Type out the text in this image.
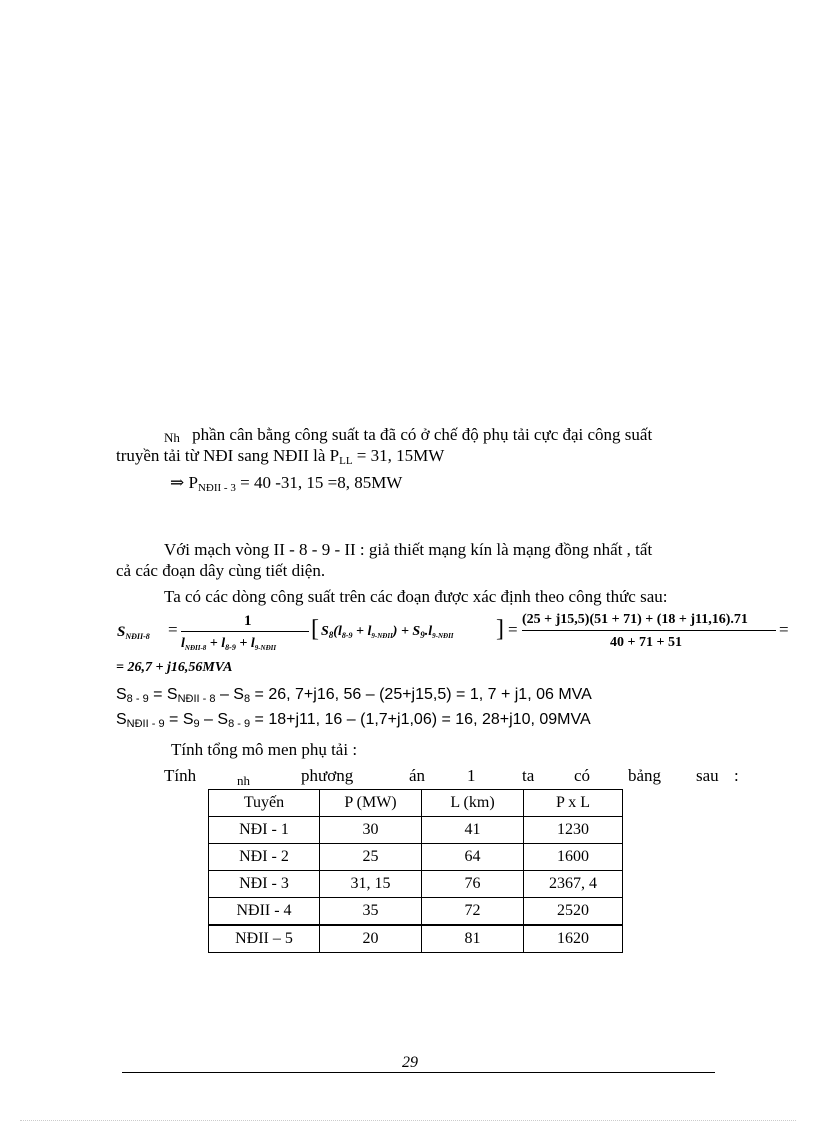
Nh phần cân bằng công suất ta đã có ở chế độ phụ tải cực đại công suất
truyền tải từ NĐI sang NĐII là $P_{LL} = 31$, 15MW
⇒ $P_{NĐII - 3} = 40$ -31, 15 =8, 85MW
Với mạch vòng II - 8 - 9 - II : giả thiết mạng kín là mạng đồng nhất , tất
cả các đoạn dây cùng tiết diện.
Ta có các dòng công suất trên các đoạn được xác định theo công thức sau:
$S_{NĐII-8}$ =	1
$l_{NĐII-8} + l_{8-9} + l_{9-NĐII}$
[ $S_8(l_{8-9} + l_{9-NĐII}) + S_9.l_{9-NĐII}$ ] =
(25 + j15,5)(51 + 71) + (18 + j11,16).71
40 + 71 + 51
=
= 26,7 + j16,56MVA
$S_{8 - 9} = S_{NĐII - 8} - S_8 = 26$, 7+j16, 56 – (25+j15,5) = 1, 7 + j1, 06 MVA
$S_{NĐII - 9} = S_9 - S_{8 - 9} = 18+j11$, 16 – (1,7+j1,06) = 16, 28+j10, 09MVA
Tính tổng mô men phụ tải :
Tính	nh	phương	án 1	ta có bảng sau :
Tuyến	P (MW)	L (km)	P x L
NĐI - 1	30	41	1230
NĐI - 2	25	64	1600
NĐI - 3	31, 15	76	2367, 4
NĐII - 4	35	72	2520
NĐII – 5	20	81	1620
29
